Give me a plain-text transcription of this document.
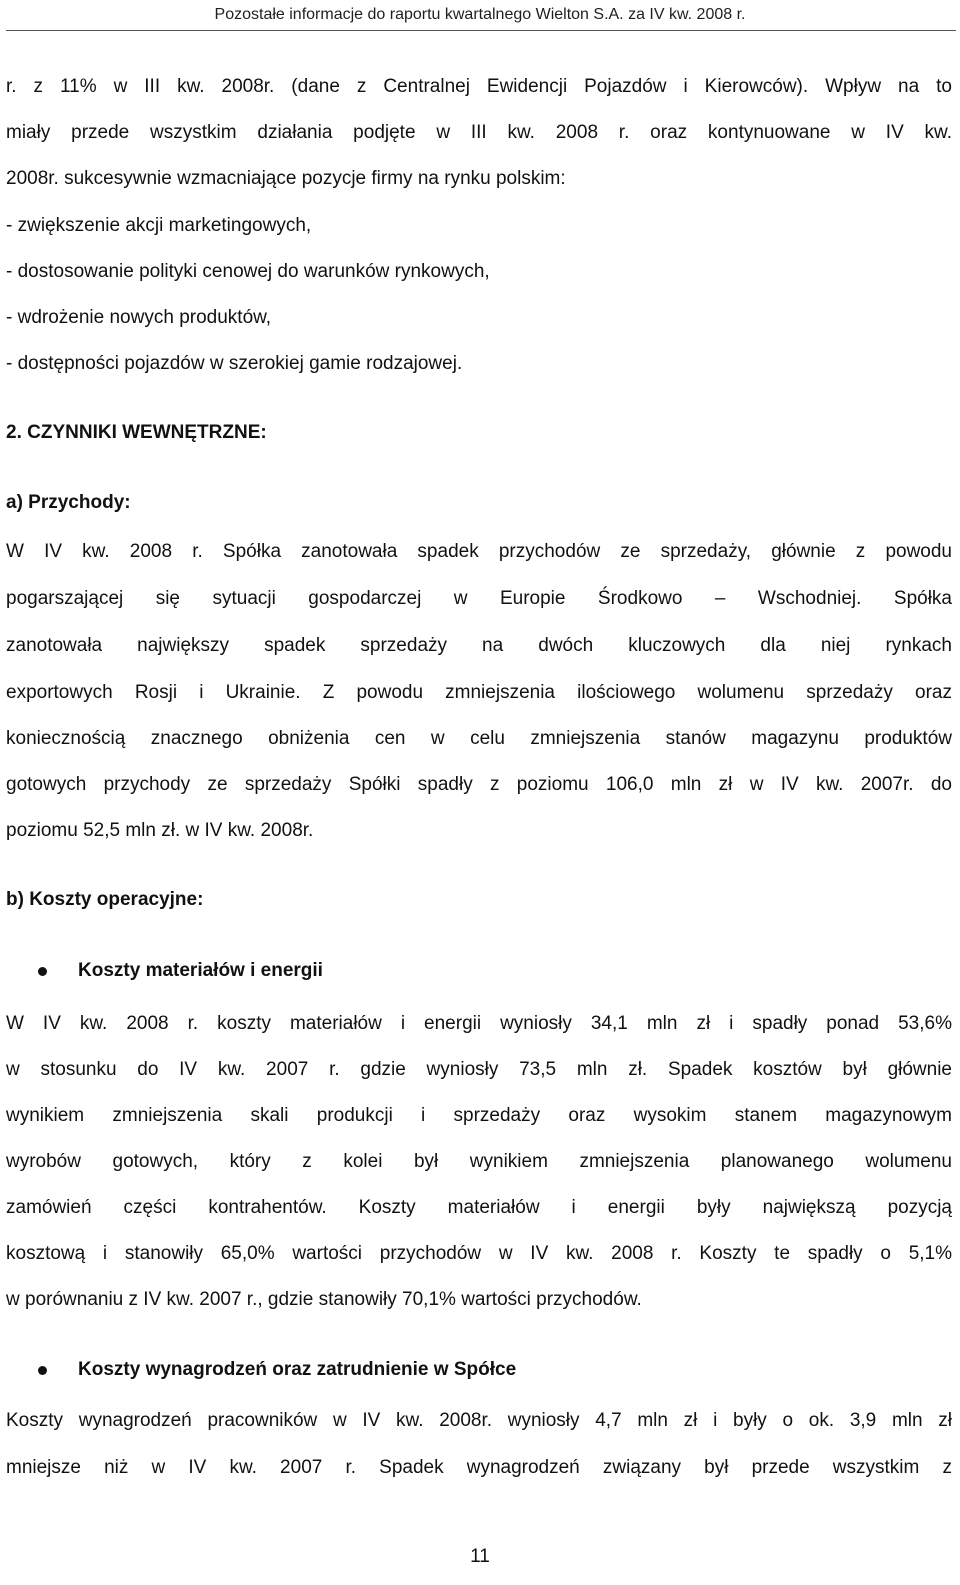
Pozostałe informacje do raportu kwartalnego Wielton S.A. za IV kw. 2008 r.
r. z 11% w III kw. 2008r. (dane z Centralnej Ewidencji Pojazdów i Kierowców). Wpływ na to
miały przede wszystkim działania podjęte w III kw. 2008 r. oraz kontynuowane w IV kw.
2008r. sukcesywnie wzmacniające pozycje firmy na rynku polskim:
- zwiększenie akcji marketingowych,
- dostosowanie polityki cenowej do warunków rynkowych,
- wdrożenie nowych produktów,
- dostępności pojazdów w szerokiej gamie rodzajowej.
2. CZYNNIKI WEWNĘTRZNE:
a) Przychody:
W IV kw. 2008 r. Spółka zanotowała spadek przychodów ze sprzedaży, głównie z powodu
pogarszającej się sytuacji gospodarczej w Europie Środkowo – Wschodniej. Spółka
zanotowała największy spadek sprzedaży na dwóch kluczowych dla niej rynkach
exportowych Rosji i Ukrainie. Z powodu zmniejszenia ilościowego wolumenu sprzedaży oraz
koniecznością znacznego obniżenia cen w celu zmniejszenia stanów magazynu produktów
gotowych przychody ze sprzedaży Spółki spadły z poziomu 106,0 mln zł w IV kw. 2007r. do
poziomu 52,5 mln zł. w IV kw. 2008r.
b) Koszty operacyjne:
Koszty materiałów i energii
W IV kw. 2008 r. koszty materiałów i energii wyniosły 34,1 mln zł i spadły ponad 53,6%
w stosunku do IV kw. 2007 r. gdzie wyniosły 73,5 mln zł. Spadek kosztów był głównie
wynikiem zmniejszenia skali produkcji i sprzedaży oraz wysokim stanem magazynowym
wyrobów gotowych, który z kolei był wynikiem zmniejszenia planowanego wolumenu
zamówień części kontrahentów. Koszty materiałów i energii były największą pozycją
kosztową i stanowiły 65,0% wartości przychodów w IV kw. 2008 r. Koszty te spadły o 5,1%
w porównaniu z IV kw. 2007 r., gdzie stanowiły 70,1% wartości przychodów.
Koszty wynagrodzeń oraz zatrudnienie w Spółce
Koszty wynagrodzeń pracowników w IV kw. 2008r. wyniosły 4,7 mln zł i były o ok. 3,9 mln zł
mniejsze niż w IV kw. 2007 r. Spadek wynagrodzeń związany był przede wszystkim z
11
